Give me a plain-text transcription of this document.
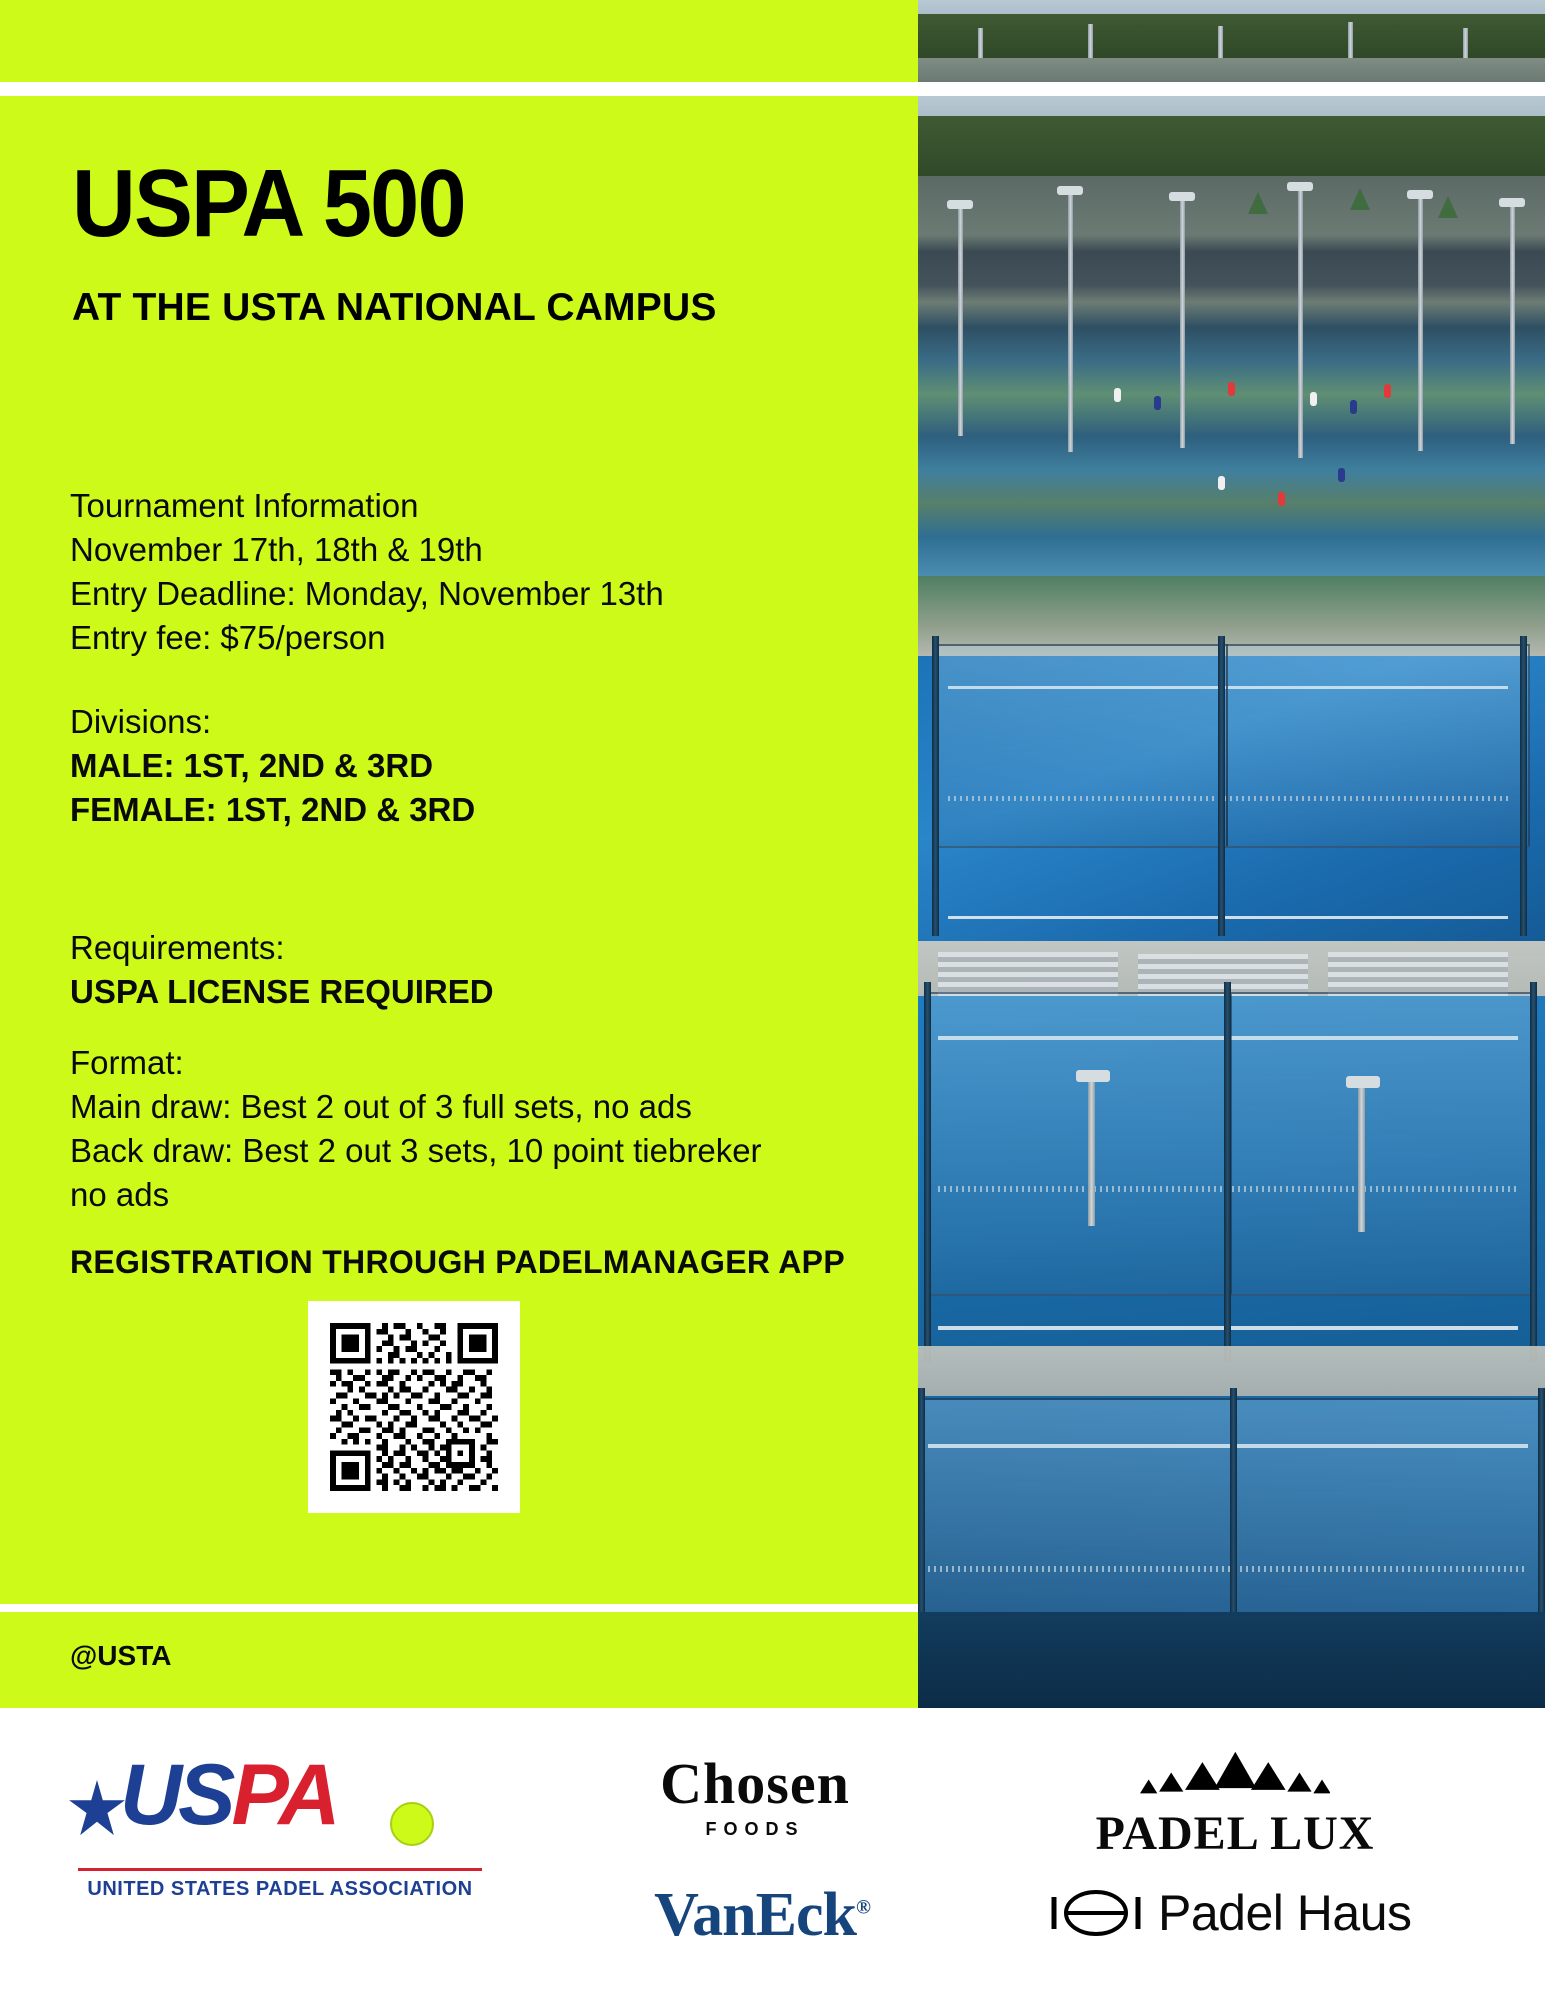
USPA 500
AT THE USTA NATIONAL CAMPUS
Tournament Information
November 17th, 18th & 19th
Entry Deadline: Monday, November 13th
Entry fee: $75/person
Divisions:
MALE: 1ST, 2ND & 3RD
FEMALE: 1ST, 2ND & 3RD
Requirements:
USPA LICENSE REQUIRED
Format:
Main draw: Best 2 out of 3 full sets, no ads
Back draw: Best 2 out 3 sets, 10 point tiebreker
no ads
REGISTRATION THROUGH PADELMANAGER APP
@USTA
USPA
UNITED STATES PADEL ASSOCIATION
Chosen
FOODS
VanEck®
PADEL LUX
Padel Haus
